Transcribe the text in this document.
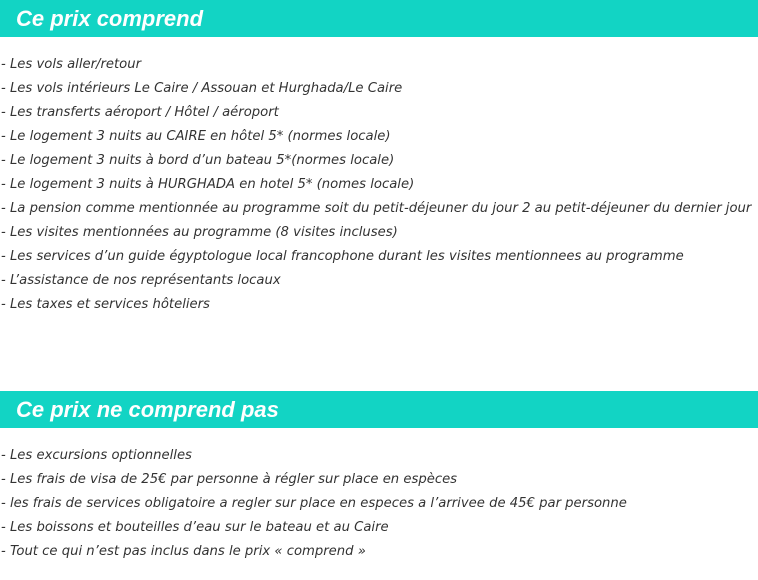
Ce prix comprend
- Les vols aller/retour
- Les vols intérieurs Le Caire / Assouan et Hurghada/Le Caire
- Les transferts aéroport / Hôtel / aéroport
- Le logement 3 nuits au CAIRE en hôtel 5* (normes locale)
- Le logement 3 nuits à bord d’un bateau 5*(normes locale)
- Le logement 3 nuits à HURGHADA en hotel 5* (nomes locale)
- La pension comme mentionnée au programme soit du petit-déjeuner du jour 2 au petit-déjeuner du dernier jour
- Les visites mentionnées au programme (8 visites incluses)
- Les services d’un guide égyptologue local francophone durant les visites mentionnees au programme
- L’assistance de nos représentants locaux
- Les taxes et services hôteliers
Ce prix ne comprend pas
- Les excursions optionnelles
- Les frais de visa de 25€ par personne à régler sur place en espèces
- les frais de services obligatoire a regler sur place en especes a l’arrivee de 45€ par personne
- Les boissons et bouteilles d’eau sur le bateau et au Caire
- Tout ce qui n’est pas inclus dans le prix « comprend »
